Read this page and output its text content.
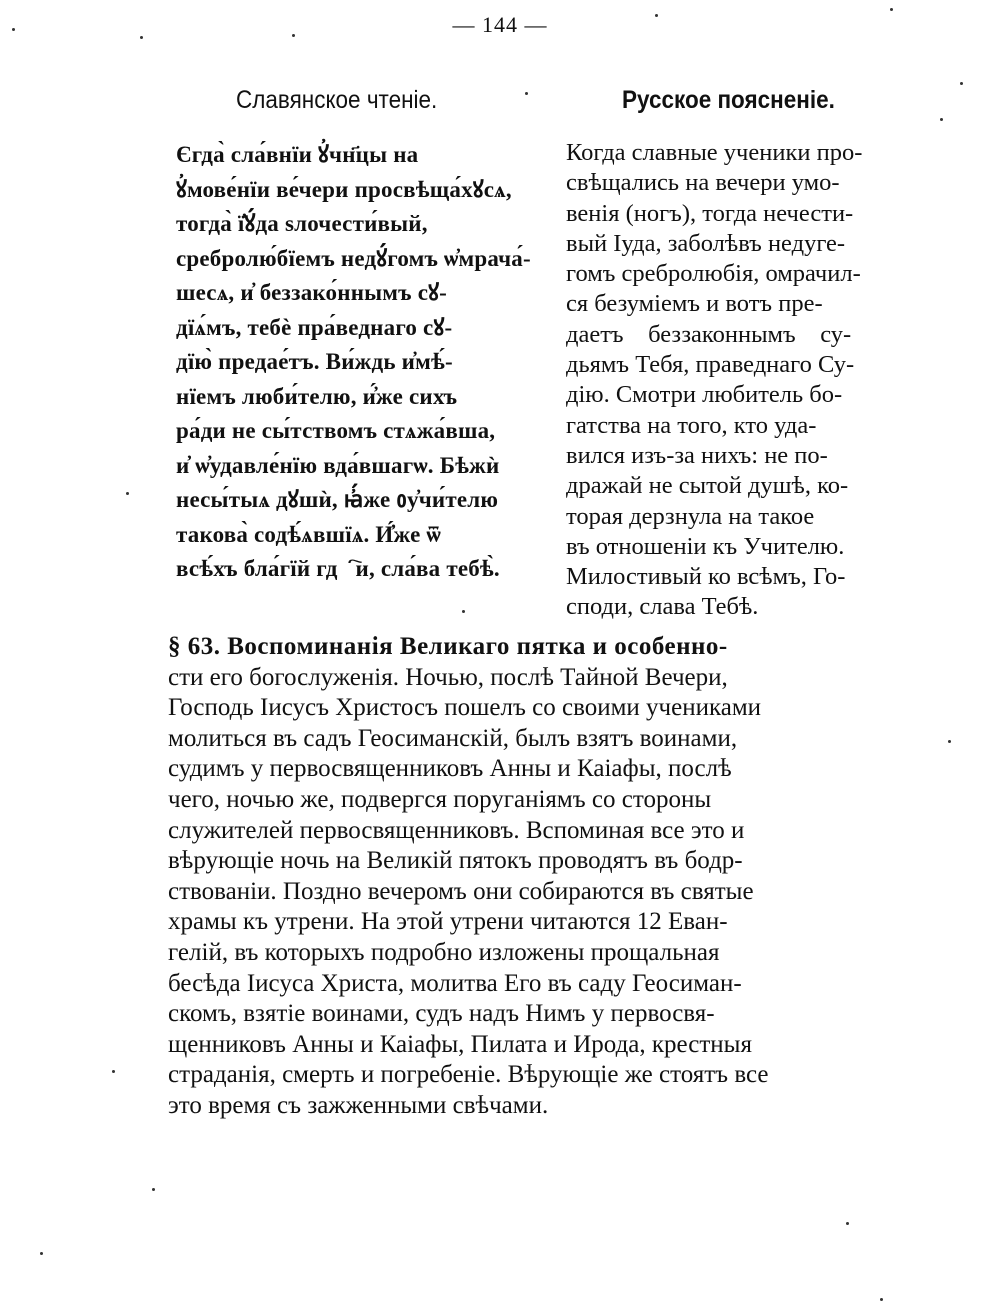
— 144 —
Славянское чтеніе.	Русское поясненіе.
Єгда̀ сла́внїи ꙋ҆чн҃цы на
ꙋ҆мове́нїи ве́чери просвѣща́хꙋсѧ,
тогда̀ ї҆ꙋ́да ѕлочести́вый,
сребролю́бїемъ недꙋ́гомъ ѡ҆мрача́-
шесѧ, и҆ беззако́ннымъ сꙋ-
дїѧ́мъ, тебѐ пра́веднаго сꙋ-
дїю̀ предае́тъ. Ви́ждь и҆мѣ́-
нїемъ люби́телю, и҆́же сихъ
ра́ди не сы́тствомъ стѧжа́вша,
и҆ ѡ҆удавле́нїю вда́вшагѡ. Бѣжѝ
несы́тыѧ дꙋшѝ, ꙗ҆́же ᲂу҆чи́телю
такова̀ содѣ́ѧвшїѧ. И҆́же ѿ
всѣ́хъ бла́гїй гдⷭ҇и, сла́ва тебѣ̀.
Когда славные ученики про-
свѣщались на вечери умо-
венія (ногъ), тогда нечести-
вый Іуда, заболѣвъ недуге-
гомъ сребролюбія, омрачил-
ся безуміемъ и вотъ пре-
даетъ    беззаконнымъ    су-
дьямъ Тебя, праведнаго Су-
дію. Смотри любитель бо-
гатства на того, кто уда-
вился изъ-за нихъ: не по-
дражай не сытой душѣ, ко-
торая дерзнула на такое
въ отношеніи къ Учителю.
Милостивый ко всѣмъ, Го-
споди, слава Тебѣ.
§ 63. Воспоминанія Великаго пятка и особенно-
сти его богослуженія. Ночью, послѣ Тайной Вечери,
Господь Іисусъ Христосъ пошелъ со своими учениками
молиться въ садъ Геосиманскій, былъ взятъ воинами,
судимъ у первосвященниковъ Анны и Каіафы, послѣ
чего, ночью же, подвергся поруганіямъ со стороны
служителей первосвященниковъ. Вспоминая все это и
вѣрующіе ночь на Великій пятокъ проводятъ въ бодр-
ствованіи. Поздно вечеромъ они собираются въ святые
храмы къ утрени. На этой утрени читаются 12 Еван-
гелій, въ которыхъ подробно изложены прощальная
бесѣда Іисуса Христа, молитва Его въ саду Геосиман-
скомъ, взятіе воинами, судъ надъ Нимъ у первосвя-
щенниковъ Анны и Каіафы, Пилата и Ирода, крестныя
страданія, смерть и погребеніе. Вѣрующіе же стоятъ все
это время съ зажженными свѣчами.
